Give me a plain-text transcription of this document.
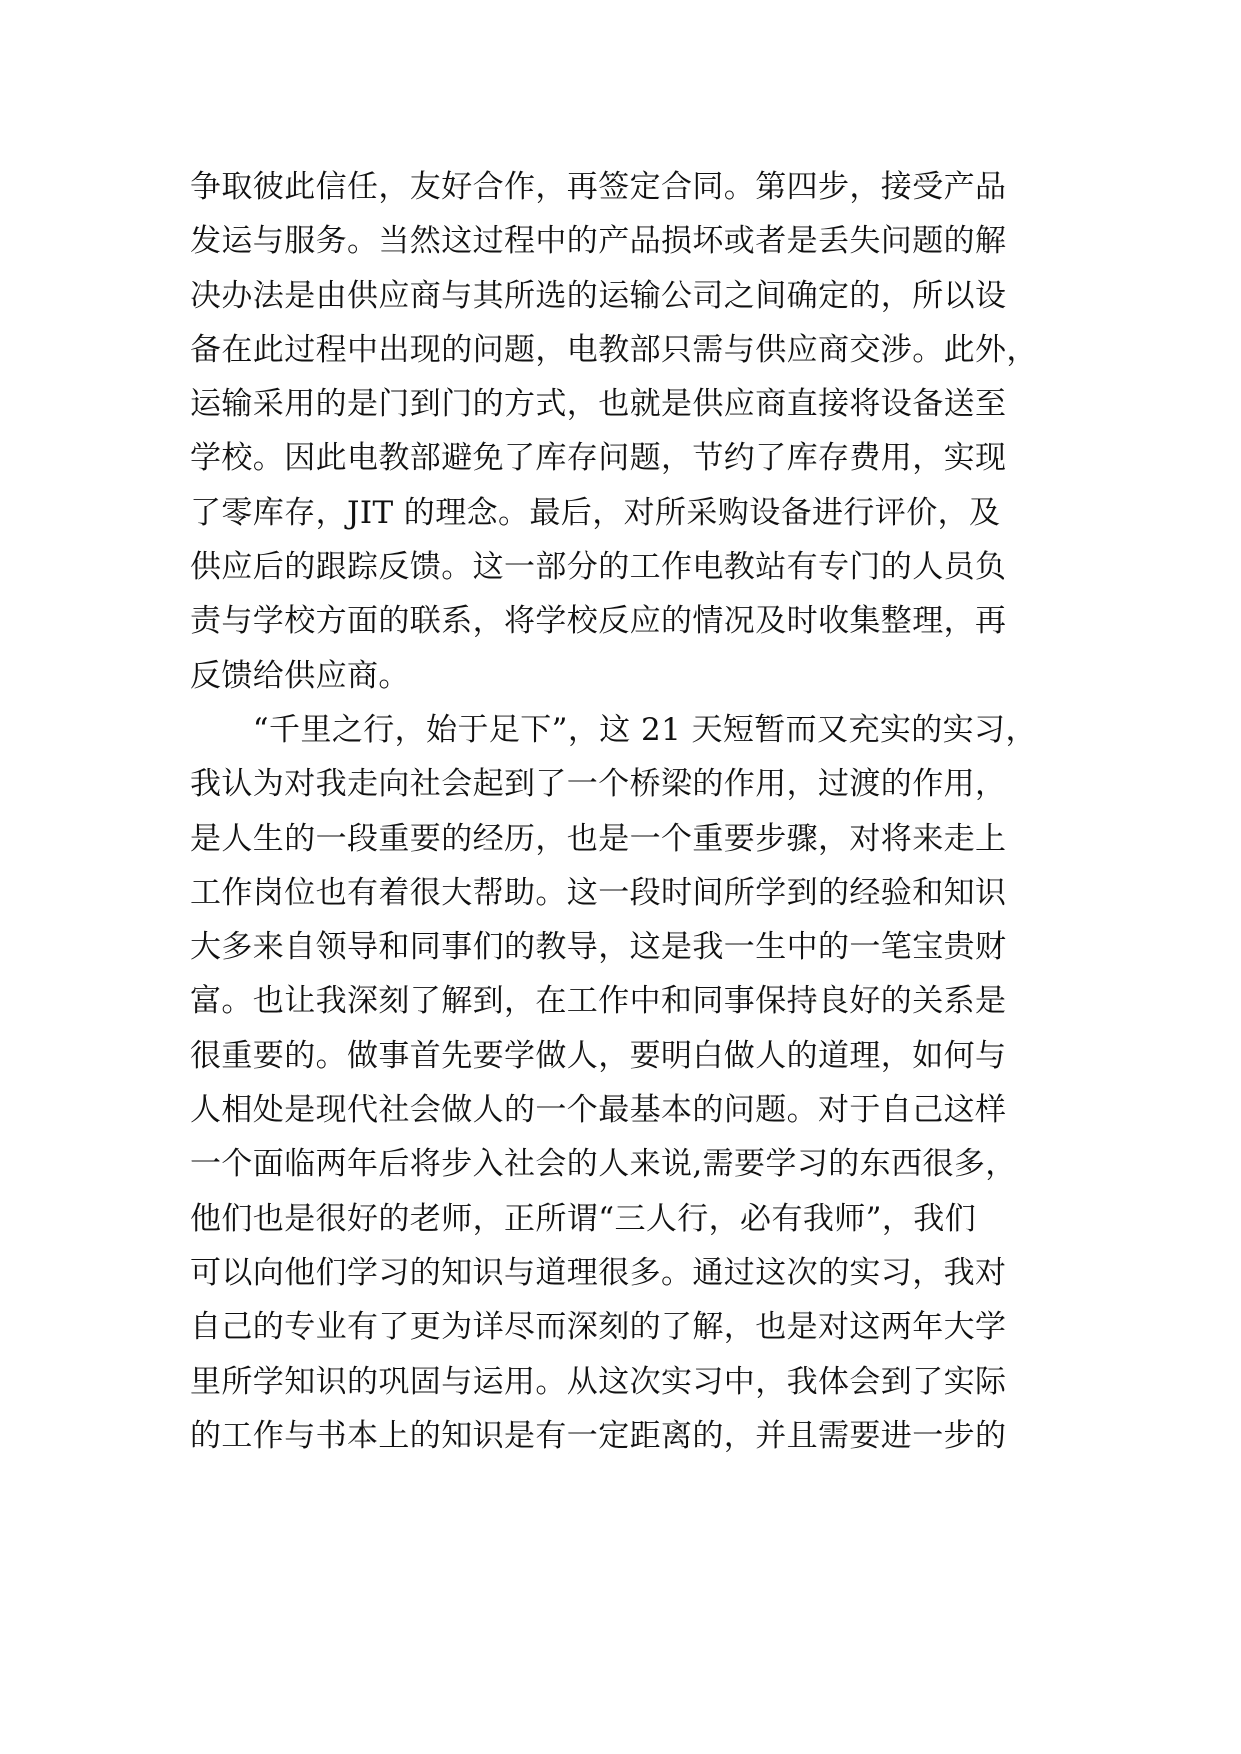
争取彼此信任，友好合作，再签定合同。第四步，接受产品
发运与服务。当然这过程中的产品损坏或者是丢失问题的解
决办法是由供应商与其所选的运输公司之间确定的，所以设
备在此过程中出现的问题，电教部只需与供应商交涉。此外，
运输采用的是门到门的方式，也就是供应商直接将设备送至
学校。因此电教部避免了库存问题，节约了库存费用，实现
了零库存，JIT 的理念。最后，对所采购设备进行评价，及
供应后的跟踪反馈。这一部分的工作电教站有专门的人员负
责与学校方面的联系，将学校反应的情况及时收集整理，再
反馈给供应商。
　　“千里之行，始于足下”，这 21 天短暂而又充实的实习，
我认为对我走向社会起到了一个桥梁的作用，过渡的作用，
是人生的一段重要的经历，也是一个重要步骤，对将来走上
工作岗位也有着很大帮助。这一段时间所学到的经验和知识
大多来自领导和同事们的教导，这是我一生中的一笔宝贵财
富。也让我深刻了解到，在工作中和同事保持良好的关系是
很重要的。做事首先要学做人，要明白做人的道理，如何与
人相处是现代社会做人的一个最基本的问题。对于自己这样
一个面临两年后将步入社会的人来说,需要学习的东西很多，
他们也是很好的老师，正所谓“三人行，必有我师”，我们
可以向他们学习的知识与道理很多。通过这次的实习，我对
自己的专业有了更为详尽而深刻的了解，也是对这两年大学
里所学知识的巩固与运用。从这次实习中，我体会到了实际
的工作与书本上的知识是有一定距离的，并且需要进一步的
